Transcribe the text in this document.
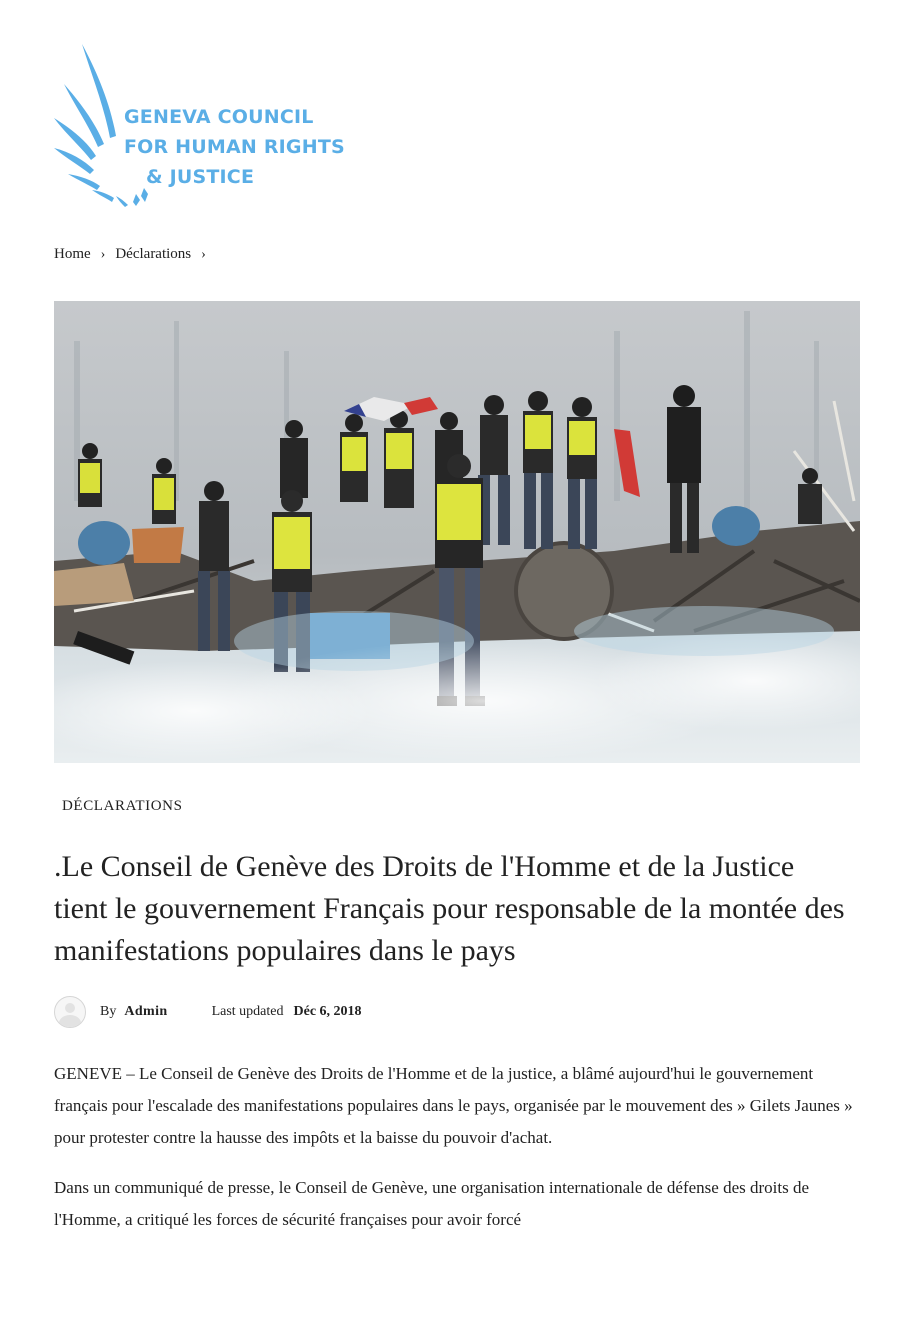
GENEVA COUNCIL
FOR HUMAN RIGHTS
& JUSTICE
Home › Déclarations ›
DÉCLARATIONS
.Le Conseil de Genève des Droits de l'Homme et de la Justice tient le gouvernement Français pour responsable de la montée des manifestations populaires dans le pays
By Admin	Last updated Déc 6, 2018

GENEVE – Le Conseil de Genève des Droits de l'Homme et de la justice, a blâmé aujourd'hui le gouvernement français pour l'escalade des manifestations populaires dans le pays, organisée par le mouvement des » Gilets Jaunes » pour protester contre la hausse des impôts et la baisse du pouvoir d'achat.

Dans un communiqué de presse, le Conseil de Genève, une organisation internationale de défense des droits de l'Homme, a critiqué les forces de sécurité françaises pour avoir forcé
